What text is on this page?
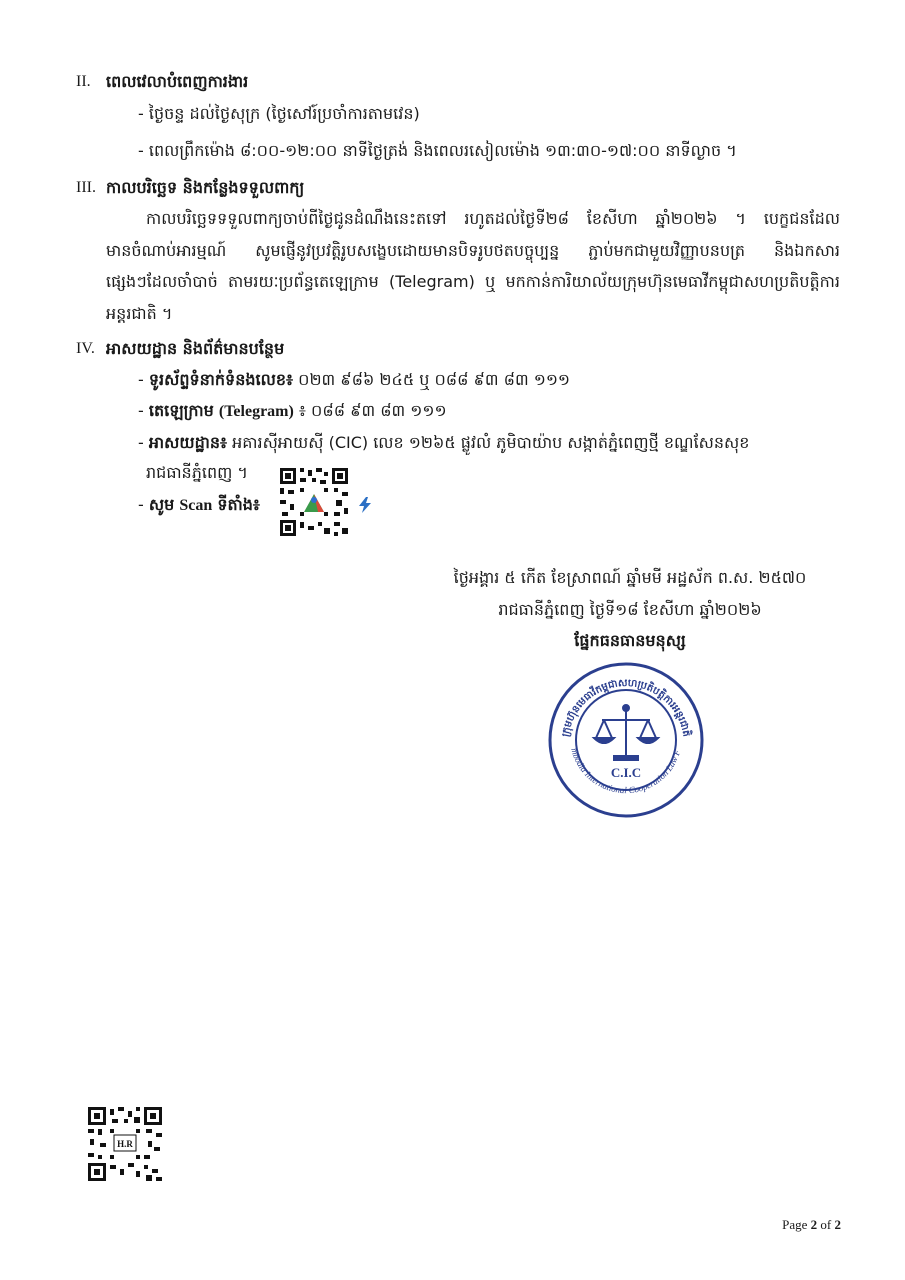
II. ពេលវេលាបំពេញការងារ
- ថ្ងៃចន្ទ ដល់ថ្ងៃសុក្រ (ថ្ងៃសៅរ៍ប្រចាំការតាមវេន)
- ពេលព្រឹកម៉ោង ៨:០០-១២:០០ នាទីថ្ងៃត្រង់ និងពេលរសៀលម៉ោង ១៣:៣០-១៧:០០ នាទីល្ងាច ។
III. កាលបរិច្ឆេទ និងកន្លែងទទួលពាក្យ
កាលបរិច្ឆេទទទួលពាក្យចាប់ពីថ្ងៃជូនដំណឹងនេះតទៅ រហូតដល់ថ្ងៃទី២៨ ខែសីហា ឆ្នាំ២០២៦ ។ បេក្ខជនដែល
មានចំណាប់អារម្មណ៍ សូមផ្ញើនូវប្រវត្តិរូបសង្ខេបដោយមានបិទរូបថតបច្ចុប្បន្ន ភ្ជាប់មកជាមួយវិញ្ញាបនបត្រ និងឯកសារ
ផ្សេងៗដែលចាំបាច់ តាមរយៈប្រព័ន្ធតេឡេក្រាម (Telegram) ឬ មកកាន់ការិយាល័យក្រុមហ៊ុនមេធាវីកម្ពុជាសហប្រតិបត្តិការ
អន្តរជាតិ ។
IV. អាសយដ្ឋាន និងព័ត៌មានបន្ថែម
- ទូរស័ព្ទទំនាក់ទំនងលេខ៖ ០២៣ ៩៨៦ ២៤៥ ឬ ០៨៨ ៩៣ ៨៣ ១១១
- តេឡេក្រាម (Telegram) ៖ ០៨៨ ៩៣ ៨៣ ១១១
- អាសយដ្ឋាន៖ អគារស៊ីអាយស៊ី (CIC) លេខ ១២៦៥ ផ្លូវលំ ភូមិបាយ៉ាប សង្កាត់ភ្នំពេញថ្មី ខណ្ឌសែនសុខ
រាជធានីភ្នំពេញ ។
- សូម Scan ទីតាំង៖
ថ្ងៃអង្គារ ៥ កើត ខែស្រាពណ៍ ឆ្នាំមមី អដ្ឋស័ក ព.ស. ២៥៧០
រាជធានីភ្នំពេញ ថ្ងៃទី១៨ ខែសីហា ឆ្នាំ២០២៦
ផ្នែកធនធានមនុស្ស
ក្រុមហ៊ុនមេធាវីកម្ពុជាសហប្រតិបត្តិការអន្តរជាតិ
mbodia International Cooperation Law F
C.I.C
H.R
Page 2 of 2
